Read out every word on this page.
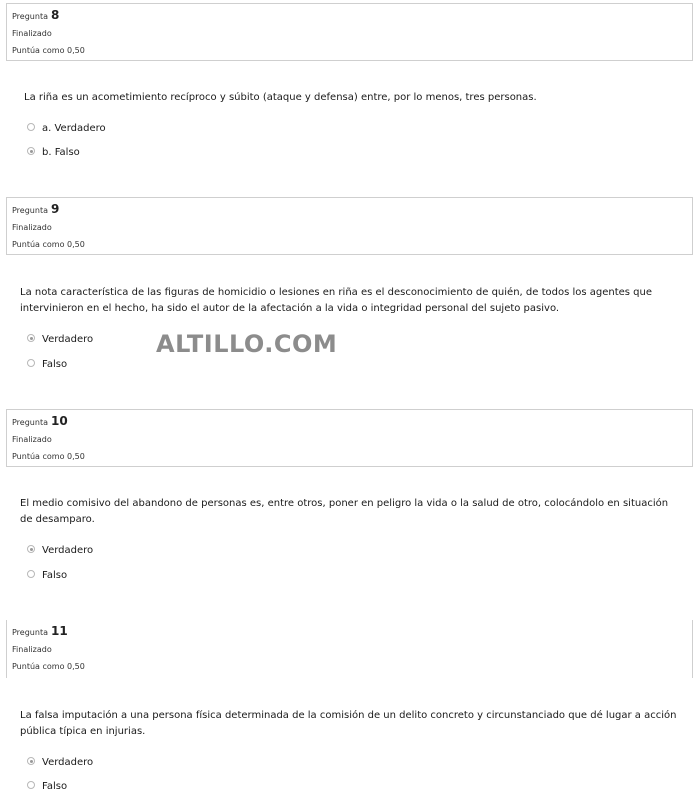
Pregunta 8
Finalizado
Puntúa como 0,50
La riña es un acometimiento recíproco y súbito (ataque y defensa) entre, por lo menos, tres personas.
a. Verdadero
b. Falso
Pregunta 9
Finalizado
Puntúa como 0,50
La nota característica de las figuras de homicidio o lesiones en riña es el desconocimiento de quién, de todos los agentes que intervinieron en el hecho, ha sido el autor de la afectación a la vida o integridad personal del sujeto pasivo.
Verdadero
Falso
ALTILLO.COM
Pregunta 10
Finalizado
Puntúa como 0,50
El medio comisivo del abandono de personas es, entre otros, poner en peligro la vida o la salud de otro, colocándolo en situación de desamparo.
Verdadero
Falso
Pregunta 11
Finalizado
Puntúa como 0,50
La falsa imputación a una persona física determinada de la comisión de un delito concreto y circunstanciado que dé lugar a acción pública típica en injurias.
Verdadero
Falso
